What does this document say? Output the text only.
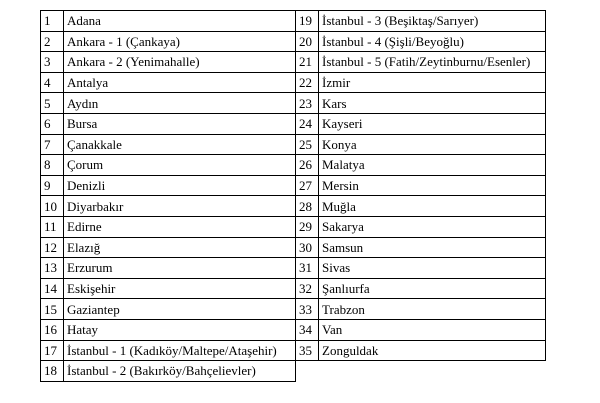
1	Adana	19	İstanbul - 3 (Beşiktaş/Sarıyer)
2	Ankara - 1 (Çankaya)	20	İstanbul - 4 (Şişli/Beyoğlu)
3	Ankara - 2 (Yenimahalle)	21	İstanbul - 5 (Fatih/Zeytinburnu/Esenler)
4	Antalya	22	İzmir
5	Aydın	23	Kars
6	Bursa	24	Kayseri
7	Çanakkale	25	Konya
8	Çorum	26	Malatya
9	Denizli	27	Mersin
10	Diyarbakır	28	Muğla
11	Edirne	29	Sakarya
12	Elazığ	30	Samsun
13	Erzurum	31	Sivas
14	Eskişehir	32	Şanlıurfa
15	Gaziantep	33	Trabzon
16	Hatay	34	Van
17	İstanbul - 1 (Kadıköy/Maltepe/Ataşehir)	35	Zonguldak
18	İstanbul - 2 (Bakırköy/Bahçelievler)		
